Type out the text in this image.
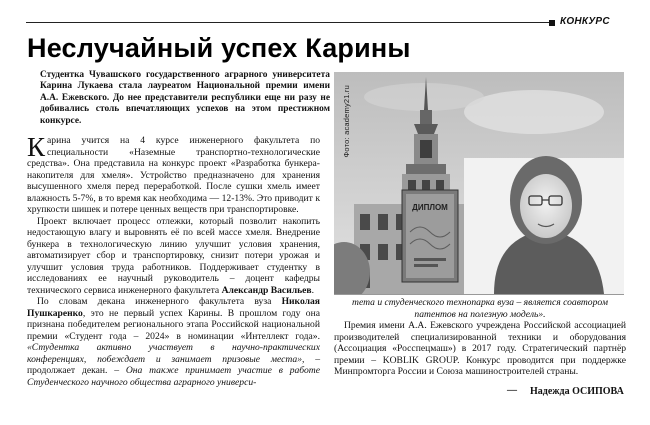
КОНКУРС
Неслучайный успех Карины

Студентка Чувашского государственного аграрного университета Карина Лукаева стала лауреатом Национальной премии имени А.А. Ежевского. До нее представители республики еще ни разу не добивались столь впечатляющих успехов на этом престижном конкурсе.

Карина учится на 4 курсе инженерного факультета по специальности «Наземные транспортно-технологические средства». Она представила на конкурс проект «Разработка бункера-накопителя для хмеля». Устройство предназначено для хранения высушенного хмеля перед переработкой. После сушки хмель имеет влажность 5-7%, в то время как необходима — 12-13%. Это приводит к хрупкости шишек и потере ценных веществ при транспортировке.

Проект включает процесс отлежки, который позволит накопить недостающую влагу и выровнять её по всей массе хмеля. Внедрение бункера в технологическую линию улучшит условия хранения, автоматизирует сбор и транспортировку, снизит потери урожая и улучшит условия труда работников. Поддерживает студентку в исследованиях ее научный руководитель – доцент кафедры технического сервиса инженерного факультета Александр Васильев.

По словам декана инженерного факультета вуза Николая Пушкаренко, это не первый успех Карины. В прошлом году она признана победителем регионального этапа Российской национальной премии «Студент года – 2024» в номинации «Интеллект года». «Студентка активно участвует в научно-практических конференциях, побеждает и занимает призовые места», – продолжает декан. – Она также принимает участие в работе Студенческого научного общества аграрного универси-

ДИПЛОМ
Фото: academy21.ru

тета и студенческого технопарка вуза – является соавтором патентов на полезную модель».

Премия имени А.А. Ежевского учреждена Российской ассоциацией производителей специализированной техники и оборудования (Ассоциация «Росспецмаш») в 2017 году. Стратегический партнёр премии – KOBLIK GROUP. Конкурс проводится при поддержке Минпромторга России и Союза машиностроителей страны.

— Надежда ОСИПОВА
